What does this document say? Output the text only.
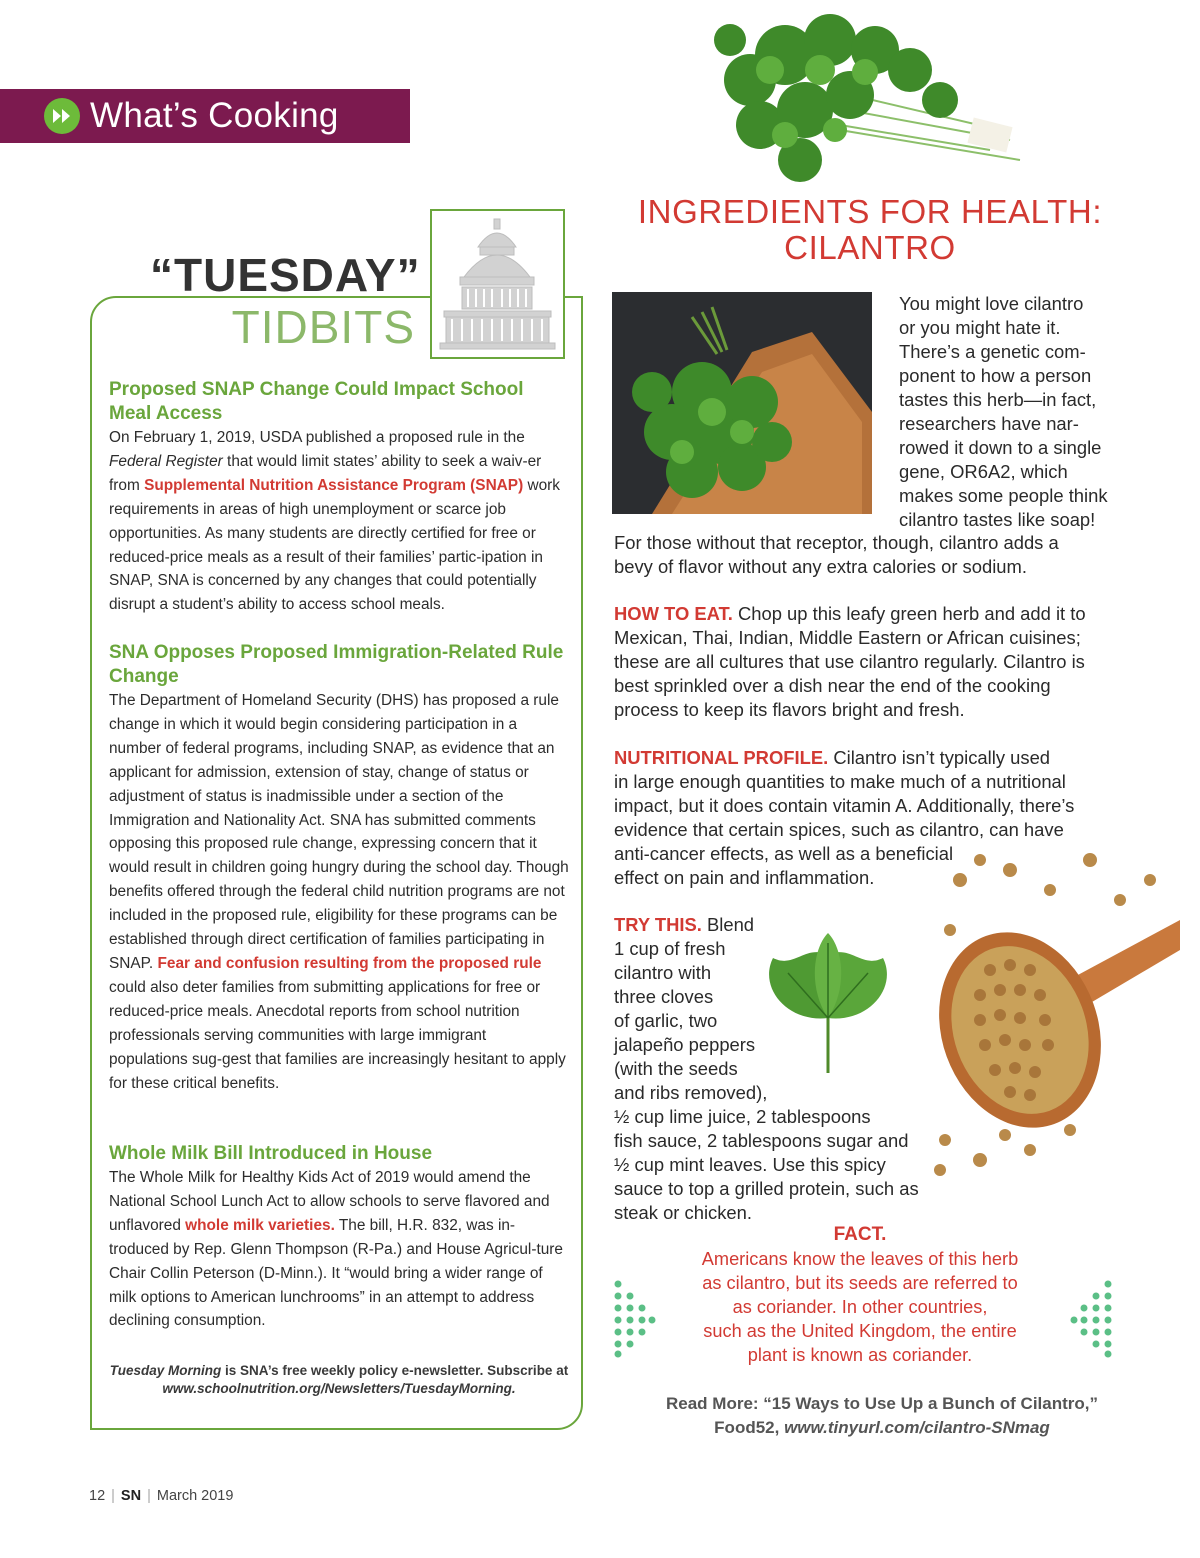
What’s Cooking
“TUESDAY”
TIDBITS

Proposed SNAP Change Could Impact School Meal Access

On February 1, 2019, USDA published a proposed rule in the Federal Register that would limit states’ ability to seek a waiv-er from Supplemental Nutrition Assistance Program (SNAP) work requirements in areas of high unemployment or scarce job opportunities. As many students are directly certified for free or reduced-price meals as a result of their families’ partic-ipation in SNAP, SNA is concerned by any changes that could potentially disrupt a student’s ability to access school meals.

SNA Opposes Proposed Immigration-Related Rule Change

The Department of Homeland Security (DHS) has proposed a rule change in which it would begin considering participation in a number of federal programs, including SNAP, as evidence that an applicant for admission, extension of stay, change of status or adjustment of status is inadmissible under a section of the Immigration and Nationality Act. SNA has submitted comments opposing this proposed rule change, expressing concern that it would result in children going hungry during the school day. Though benefits offered through the federal child nutrition programs are not included in the proposed rule, eligibility for these programs can be established through direct certification of families participating in SNAP. Fear and confusion resulting from the proposed rule could also deter families from submitting applications for free or reduced-price meals. Anecdotal reports from school nutrition professionals serving communities with large immigrant populations sug-gest that families are increasingly hesitant to apply for these critical benefits.

Whole Milk Bill Introduced in House

The Whole Milk for Healthy Kids Act of 2019 would amend the National School Lunch Act to allow schools to serve flavored and unflavored whole milk varieties. The bill, H.R. 832, was in-troduced by Rep. Glenn Thompson (R-Pa.) and House Agricul-ture Chair Collin Peterson (D-Minn.). It “would bring a wider range of milk options to American lunchrooms” in an attempt to address declining consumption.

Tuesday Morning is SNA’s free weekly policy e-newsletter. Subscribe at www.schoolnutrition.org/Newsletters/TuesdayMorning.
INGREDIENTS FOR HEALTH:
CILANTRO

You might love cilantro

or you might hate it.

There’s a genetic com-

ponent to how a person

tastes this herb—in fact,

researchers have nar-

rowed it down to a single

gene, OR6A2, which

makes some people think

cilantro tastes like soap!

For those without that receptor, though, cilantro adds a bevy of flavor without any extra calories or sodium.

HOW TO EAT. Chop up this leafy green herb and add it to Mexican, Thai, Indian, Middle Eastern or African cuisines; these are all cultures that use cilantro regularly. Cilantro is best sprinkled over a dish near the end of the cooking process to keep its flavors bright and fresh.

NUTRITIONAL PROFILE. Cilantro isn’t typically used

in large enough quantities to make much of a nutritional

impact, but it does contain vitamin A. Additionally, there’s

evidence that certain spices, such as cilantro, can have

anti-cancer effects, as well as a beneficial

effect on pain and inflammation.

TRY THIS. Blend

1 cup of fresh

cilantro with

three cloves

of garlic, two

jalapeño peppers

(with the seeds

and ribs removed),

½ cup lime juice, 2 tablespoons

fish sauce, 2 tablespoons sugar and

½ cup mint leaves. Use this spicy

sauce to top a grilled protein, such as

steak or chicken.

FACT.
Americans know the leaves of this herb
as cilantro, but its seeds are referred to
as coriander. In other countries,
such as the United Kingdom, the entire
plant is known as coriander.
Read More: “15 Ways to Use Up a Bunch of Cilantro,”
Food52, www.tinyurl.com/cilantro-SNmag
12 | SN | March 2019
